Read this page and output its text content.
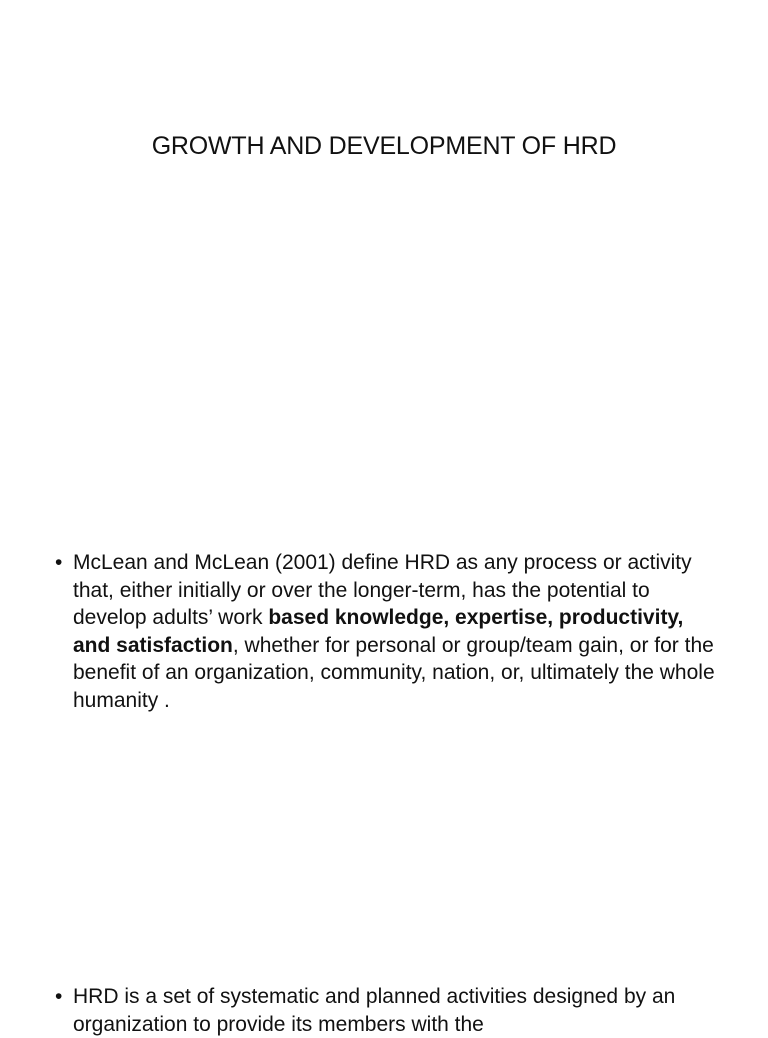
GROWTH AND DEVELOPMENT OF HRD
• McLean and McLean (2001) define HRD as any process or activity that, either initially or over the longer-term, has the potential to develop adults’ work based knowledge, expertise, productivity, and satisfaction, whether for personal or group/team gain, or for the benefit of an organization, community, nation, or, ultimately the whole humanity .
• HRD is a set of systematic and planned activities designed by an organization to provide its members with the
